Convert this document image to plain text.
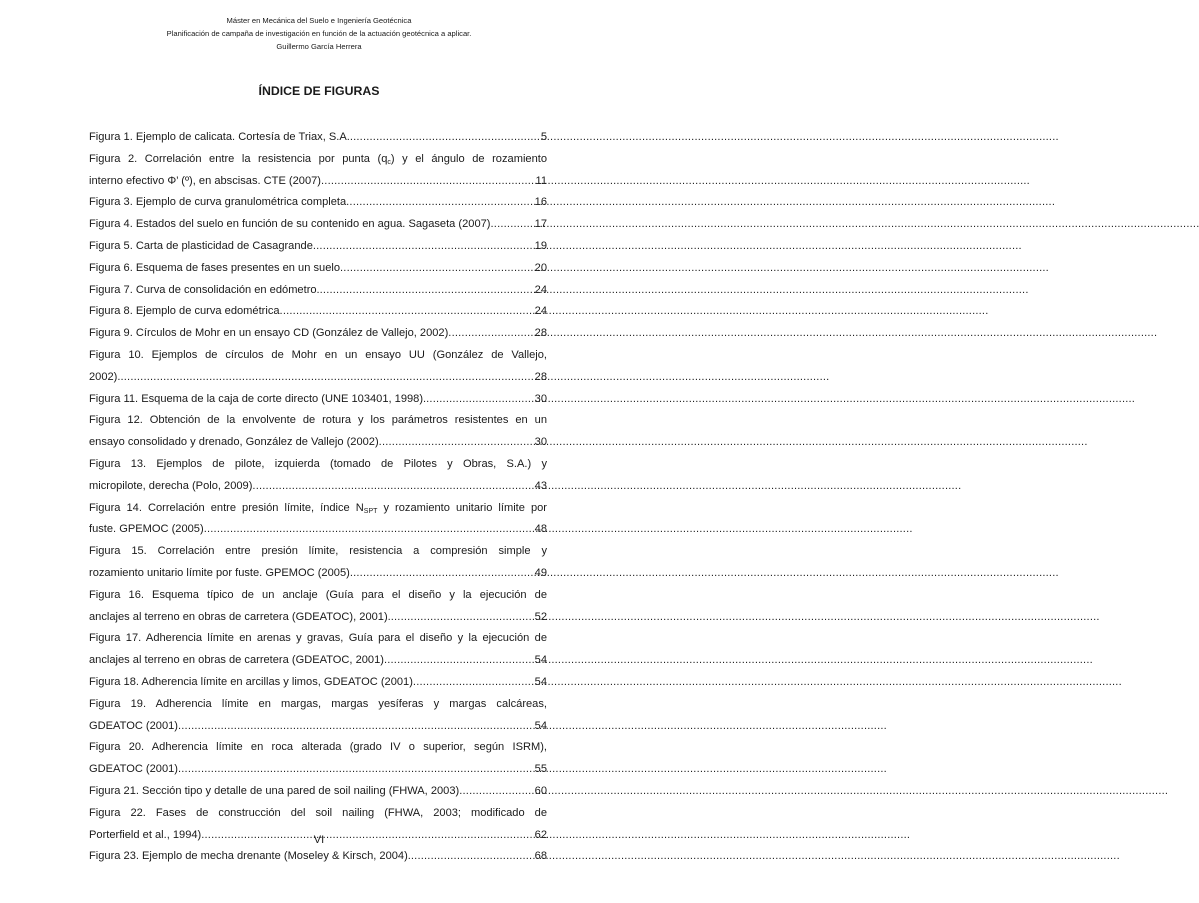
Máster en Mecánica del Suelo e Ingeniería Geotécnica
Planificación de campaña de investigación en función de la actuación geotécnica a aplicar.
Guillermo García Herrera
ÍNDICE DE FIGURAS
Figura 1. Ejemplo de calicata. Cortesía de Triax, S.A. .....	5
Figura 2. Correlación entre la resistencia por punta $(q_c)$ y el ángulo de rozamiento
interno efectivo Φ’ (º), en abscisas. CTE (2007) .....	11
Figura 3. Ejemplo de curva granulométrica completa .....	16
Figura 4. Estados del suelo en función de su contenido en agua. Sagaseta (2007) .....	17
Figura 5. Carta de plasticidad de Casagrande .....	19
Figura 6. Esquema de fases presentes en un suelo .....	20
Figura 7. Curva de consolidación en edómetro. .....	24
Figura 8. Ejemplo de curva edométrica .....	24
Figura 9. Círculos de Mohr en un ensayo CD (González de Vallejo, 2002) .....	28
Figura 10. Ejemplos de círculos de Mohr en un ensayo UU (González de Vallejo,
2002). .....	28
Figura 11. Esquema de la caja de corte directo (UNE 103401, 1998). .....	30
Figura 12. Obtención de la envolvente de rotura y los parámetros resistentes en un
ensayo consolidado y drenado, González de Vallejo (2002) .....	30
Figura 13. Ejemplos de pilote, izquierda (tomado de Pilotes y Obras, S.A.) y
micropilote, derecha (Polo, 2009) .....	43
Figura 14. Correlación entre presión límite, índice $N_{SPT}$ y rozamiento unitario límite por
fuste. GPEMOC (2005) .....	48
Figura 15. Correlación entre presión límite, resistencia a compresión simple y
rozamiento unitario límite por fuste. GPEMOC (2005) .....	49
Figura 16. Esquema típico de un anclaje (Guía para el diseño y la ejecución de
anclajes al terreno en obras de carretera (GDEATOC), 2001). .....	52
Figura 17. Adherencia límite en arenas y gravas, Guía para el diseño y la ejecución de
anclajes al terreno en obras de carretera (GDEATOC, 2001) .....	54
Figura 18. Adherencia límite en arcillas y limos, GDEATOC (2001) .....	54
Figura 19. Adherencia límite en margas, margas yesíferas y margas calcáreas,
GDEATOC (2001) .....	54
Figura 20. Adherencia límite en roca alterada (grado IV o superior, según ISRM),
GDEATOC (2001) .....	55
Figura 21. Sección tipo y detalle de una pared de soil nailing (FHWA, 2003) .....	60
Figura 22. Fases de construcción del soil nailing (FHWA, 2003; modificado de
Porterfield et al., 1994) .....	62
Figura 23. Ejemplo de mecha drenante (Moseley & Kirsch, 2004). .....	68
VI
